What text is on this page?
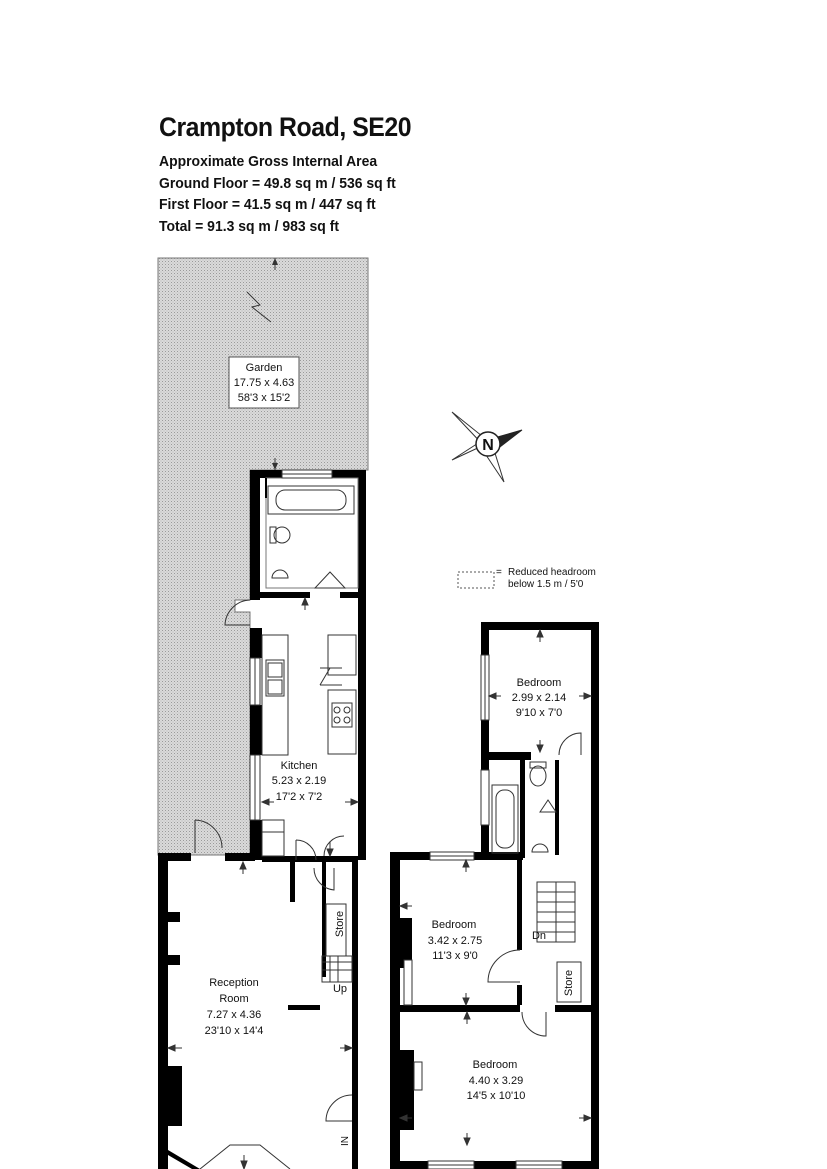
Crampton Road, SE20
Approximate Gross Internal Area
Ground Floor = 49.8 sq m / 536 sq ft
First Floor = 41.5 sq m / 447 sq ft
Total = 91.3 sq m / 983 sq ft
Garden
17.75 x 4.63
58'3 x 15'2
N
= Reduced headroom
below 1.5 m / 5'0
IN
Kitchen
5.23 x 2.19
17'2 x 7'2
Reception
Room
7.27 x 4.36
23'10 x 14'4
Store
Up
Bedroom
2.99 x 2.14
9'10 x 7'0
Bedroom
3.42 x 2.75
11'3 x 9'0
Bedroom
4.40 x 3.29
14'5 x 10'10
Dn
Store
